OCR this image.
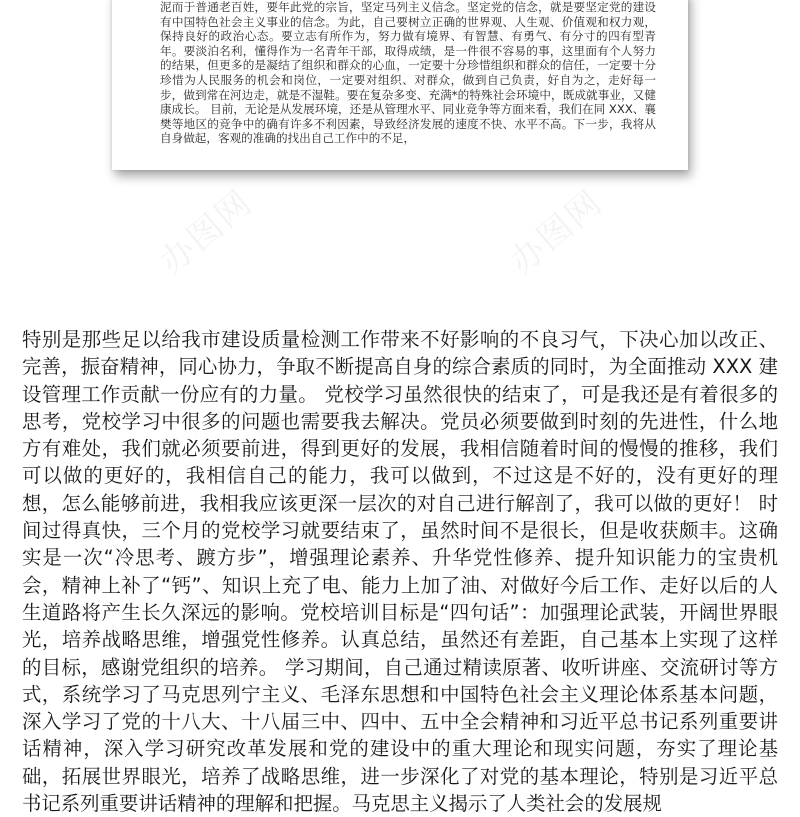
泥而于普通老百姓，要年此党的宗旨，坚定马列主义信念。坚定党的信念，就是要坚定党的建设有中国特色社会主义事业的信念。为此，自己要树立正确的世界观、人生观、价值观和权力观，保持良好的政治心态。要立志有所作为，努力做有境界、有智慧、有勇气、有分寸的四有型青年。要淡泊名利，懂得作为一名青年干部，取得成绩，是一件很不容易的事，这里面有个人努力的结果，但更多的是凝结了组织和群众的心血，一定要十分珍惜组织和群众的信任，一定要十分珍惜为人民服务的机会和岗位，一定要对组织、对群众，做到自己负责，好自为之，走好每一步，做到常在河边走，就是不湿鞋。要在复杂多变、充满*的特殊社会环境中，既成就事业，又健康成长。 目前，无论是从发展环境，还是从管理水平、同业竞争等方面来看，我们在同 XXX、襄樊等地区的竞争中的确有许多不利因素，导致经济发展的速度不快、水平不高。下一步，我将从自身做起，客观的准确的找出自己工作中的不足，

办图网	办图网

特别是那些足以给我市建设质量检测工作带来不好影响的不良习气，下决心加以改正、完善，振奋精神，同心协力，争取不断提高自身的综合素质的同时，为全面推动 XXX 建设管理工作贡献一份应有的力量。 党校学习虽然很快的结束了，可是我还是有着很多的思考，党校学习中很多的问题也需要我去解决。党员必须要做到时刻的先进性，什么地方有难处，我们就必须要前进，得到更好的发展，我相信随着时间的慢慢的推移，我们可以做的更好的，我相信自己的能力，我可以做到，不过这是不好的，没有更好的理想，怎么能够前进，我相我应该更深一层次的对自己进行解剖了，我可以做的更好！ 时间过得真快，三个月的党校学习就要结束了，虽然时间不是很长，但是收获颇丰。这确实是一次“冷思考、踱方步”，增强理论素养、升华党性修养、提升知识能力的宝贵机会，精神上补了“钙”、知识上充了电、能力上加了油、对做好今后工作、走好以后的人生道路将产生长久深远的影响。党校培训目标是“四句话”：加强理论武装，开阔世界眼光，培养战略思维，增强党性修养。认真总结，虽然还有差距，自己基本上实现了这样的目标，感谢党组织的培养。 学习期间，自己通过精读原著、收听讲座、交流研讨等方式，系统学习了马克思列宁主义、毛泽东思想和中国特色社会主义理论体系基本问题，深入学习了党的十八大、十八届三中、四中、五中全会精神和习近平总书记系列重要讲话精神，深入学习研究改革发展和党的建设中的重大理论和现实问题，夯实了理论基础，拓展世界眼光，培养了战略思维，进一步深化了对党的基本理论，特别是习近平总书记系列重要讲话精神的理解和把握。马克思主义揭示了人类社会的发展规
